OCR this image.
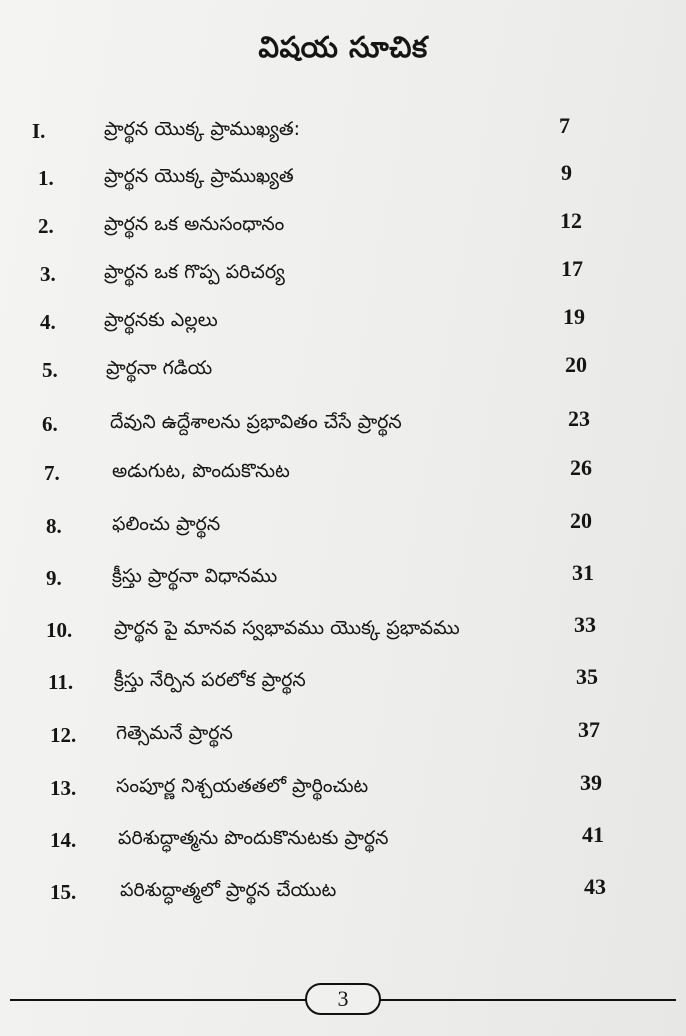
విషయ సూచిక
I.	ప్రార్థన యొక్క ప్రాముఖ్యత:	7
1.	ప్రార్థన యొక్క ప్రాముఖ్యత	9
2.	ప్రార్థన ఒక అనుసంధానం	12
3.	ప్రార్థన ఒక గొప్ప పరిచర్య	17
4.	ప్రార్థనకు ఎల్లలు	19
5.	ప్రార్థనా గడియ	20
6.	దేవుని ఉద్దేశాలను ప్రభావితం చేసే ప్రార్థన	23
7.	అడుగుట, పొందుకొనుట	26
8.	ఫలించు ప్రార్థన	20
9.	క్రీస్తు ప్రార్థనా విధానము	31
10. ప్రార్థన పై మానవ స్వభావము యొక్క ప్రభావము	33
11. క్రీస్తు నేర్పిన పరలోక ప్రార్థన	35
12. గెత్సెమనే ప్రార్థన	37
13. సంపూర్ణ నిశ్చయతతలో ప్రార్థించుట	39
14. పరిశుద్ధాత్మను పొందుకొనుటకు ప్రార్థన	41
15. పరిశుద్ధాత్మలో ప్రార్థన చేయుట	43
3
